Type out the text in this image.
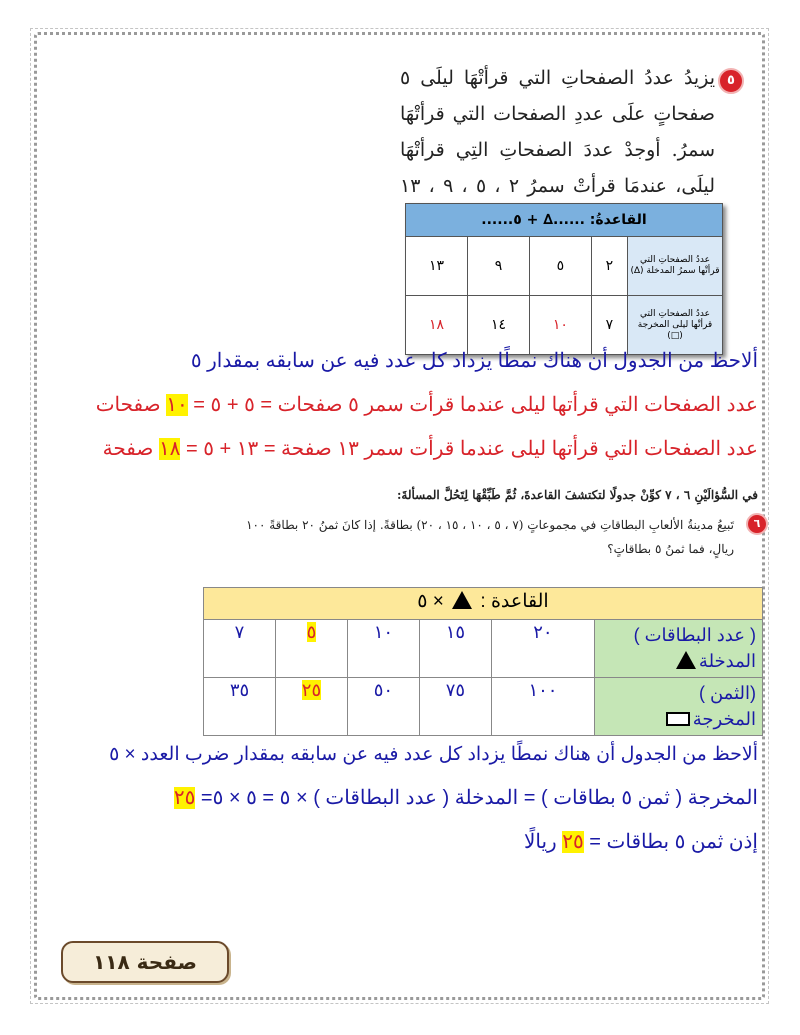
٥
يزيدُ عددُ الصفحاتِ التي قرأتْهَا ليلَى ٥ صفحاتٍ علَى عددِ الصفحات التي قرأتْهَا سمرُ. أوجدْ عددَ الصفحاتِ التِي قرأتْهَا ليلَى، عندمَا قرأتْ سمرُ ٢ ، ٥ ، ٩ ، ١٣
القاعدةُ: ......∆ + ٥......				
عددُ الصفحاتِ التي قرأتْها سمرُ المدخلة (∆)	٢	٥	٩	١٣
عددُ الصفحاتِ التي قرأتْها ليلى المخرجة (□)	٧	١٠	١٤	١٨
ألاحظ من الجدول أن هناك نمطًا يزداد كل عدد فيه عن سابقه بمقدار ٥
عدد الصفحات التي قرأتها ليلى عندما قرأت سمر ٥ صفحات = ٥ + ٥ = ١٠ صفحات
عدد الصفحات التي قرأتها ليلى عندما قرأت سمر ١٣ صفحة = ١٣ + ٥ = ١٨ صفحة
في السُّؤالَيْنِ ٦ ، ٧ كوِّنْ جدولًا لتكتشفَ القاعدةَ، ثُمَّ طَبِّقْهَا لِتَحُلَّ المسألةَ:
٦
تَبيعُ مدينةُ الألعابِ البطاقاتِ في مجموعاتٍ (٧ ، ٥ ، ١٠ ، ١٥ ، ٢٠) بطاقةً. إذا كانَ ثمنُ ٢٠ بطاقةً ١٠٠
ريالٍ، فما ثمنُ ٥ بطاقاتٍ؟
القاعدة :  × ٥					

( عدد البطاقات )
المدخلة	٢٠	١٥	١٠	٥	٧

(الثمن )
المخرجة	١٠٠	٧٥	٥٠	٢٥	٣٥
ألاحظ من الجدول أن هناك نمطًا يزداد كل عدد فيه عن سابقه بمقدار ضرب العدد × ٥
المخرجة ( ثمن ٥ بطاقات ) = المدخلة ( عدد البطاقات ) × ٥ = ٥ × ٥= ٢٥
إذن ثمن ٥ بطاقات = ٢٥ ريالًا
صفحة ١١٨
